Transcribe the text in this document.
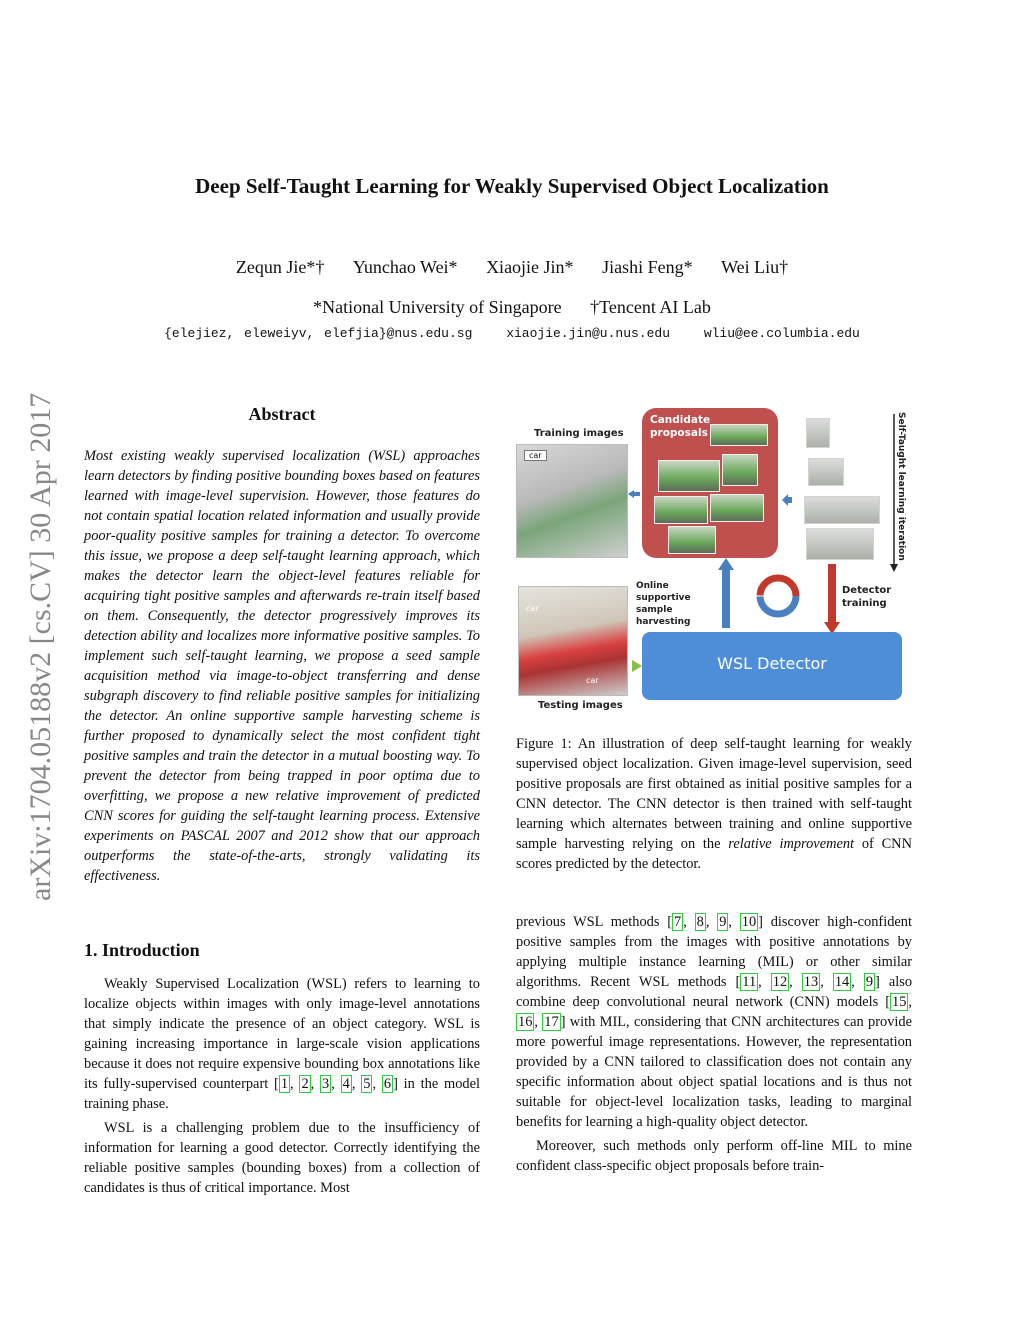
Deep Self-Taught Learning for Weakly Supervised Object Localization
Zequn Jie*† Yunchao Wei* Xiaojie Jin* Jiashi Feng* Wei Liu†
*National University of Singapore †Tencent AI Lab
{elejiez, eleweiyv, elefjia}@nus.edu.sg	xiaojie.jin@u.nus.edu	wliu@ee.columbia.edu
arXiv:1704.05188v2 [cs.CV] 30 Apr 2017	Abstract
Most existing weakly supervised localization (WSL) approaches learn detectors by finding positive bounding boxes based on features learned with image-level supervision. However, those features do not contain spatial location related information and usually provide poor-quality positive samples for training a detector. To overcome this issue, we propose a deep self-taught learning approach, which makes the detector learn the object-level features reliable for acquiring tight positive samples and afterwards re-train itself based on them. Consequently, the detector progressively improves its detection ability and localizes more informative positive samples. To implement such self-taught learning, we propose a seed sample acquisition method via image-to-object transferring and dense subgraph discovery to find reliable positive samples for initializing the detector. An online supportive sample harvesting scheme is further proposed to dynamically select the most confident tight positive samples and train the detector in a mutual boosting way. To prevent the detector from being trapped in poor optima due to overfitting, we propose a new relative improvement of predicted CNN scores for guiding the self-taught learning process. Extensive experiments on PASCAL 2007 and 2012 show that our approach outperforms the state-of-the-arts, strongly validating its effectiveness.
1. Introduction

Weakly Supervised Localization (WSL) refers to learning to localize objects within images with only image-level annotations that simply indicate the presence of an object category. WSL is gaining increasing importance in large-scale vision applications because it does not require expensive bounding box annotations like its fully-supervised counterpart [ 1 , 2 , 3 , 4 , 5 , 6 ] in the model training phase.

WSL is a challenging problem due to the insufficiency of information for learning a good detector. Correctly identifying the reliable positive samples (bounding boxes) from a collection of candidates is thus of critical importance. Most

Training images
car
Candidate proposals
Online supportive sample harvesting
Detector training
WSL Detector
car
car
Testing images
Self-Taught learning iteration
Figure 1: An illustration of deep self-taught learning for weakly supervised object localization. Given image-level supervision, seed positive proposals are first obtained as initial positive samples for a CNN detector. The CNN detector is then trained with self-taught learning which alternates between training and online supportive sample harvesting relying on the relative improvement of CNN scores predicted by the detector.

previous WSL methods [ 7 , 8 , 9 , 10 ] discover high-confident positive samples from the images with positive annotations by applying multiple instance learning (MIL) or other similar algorithms. Recent WSL methods [ 11 , 12 , 13 , 14 , 9 ] also combine deep convolutional neural network (CNN) models [ 15 , 16 , 17 ] with MIL, considering that CNN architectures can provide more powerful image representations. However, the representation provided by a CNN tailored to classification does not contain any specific information about object spatial locations and is thus not suitable for object-level localization tasks, leading to marginal benefits for learning a high-quality object detector.

Moreover, such methods only perform off-line MIL to mine confident class-specific object proposals before train-
